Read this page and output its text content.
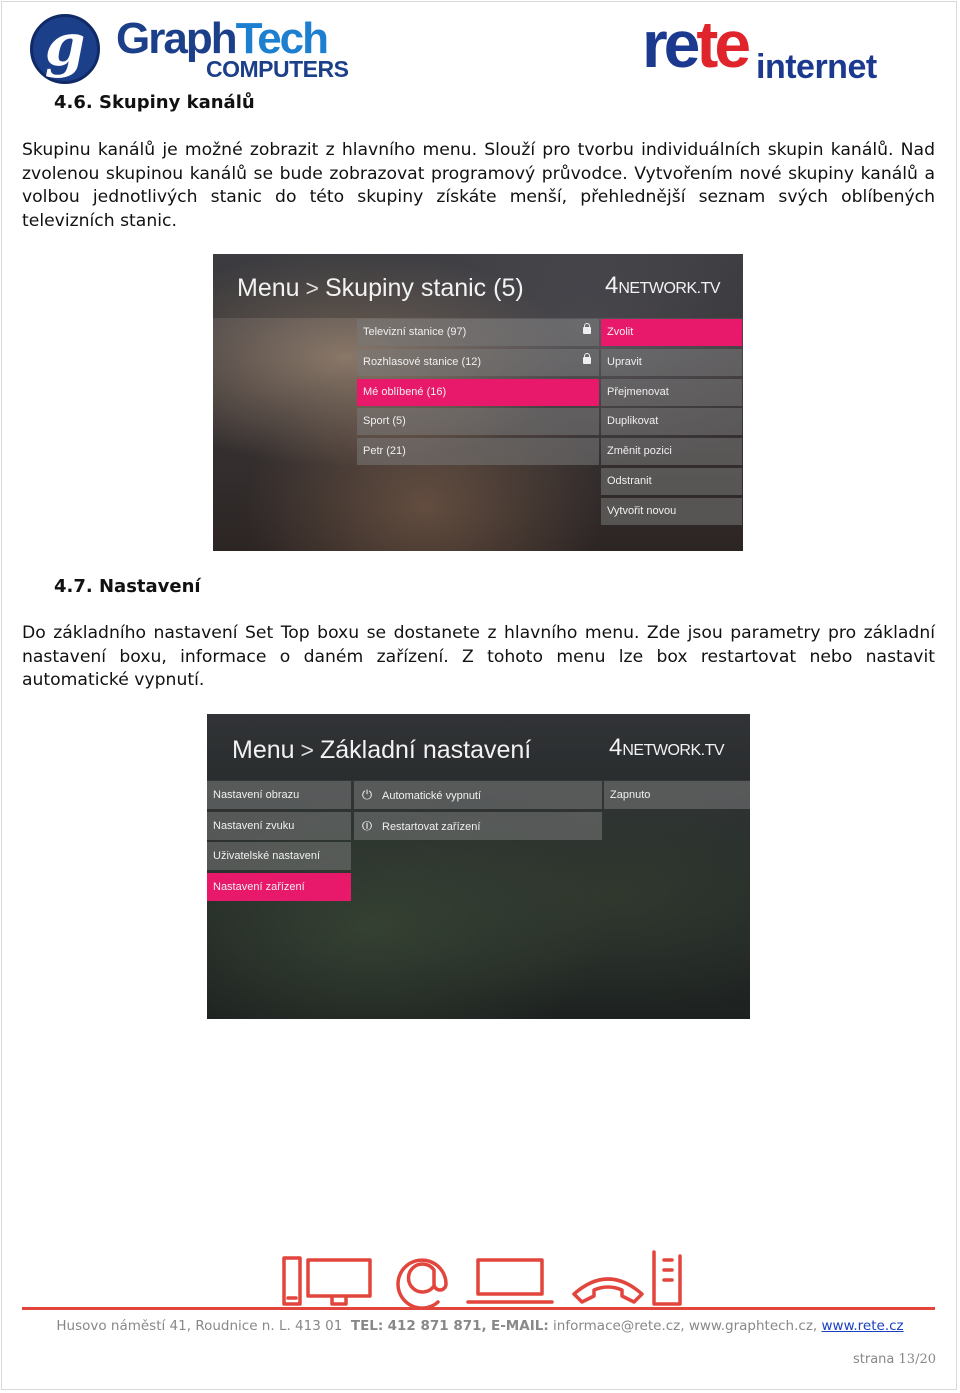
g GraphTech
COMPUTERS	rete internet
4.6. Skupiny kanálů
Skupinu kanálů je možné zobrazit z hlavního menu. Slouží pro tvorbu individuálních skupin kanálů. Nad zvolenou skupinou kanálů se bude zobrazovat programový průvodce. Vytvořením nové skupiny kanálů a volbou jednotlivých stanic do této skupiny získáte menší, přehlednější seznam svých oblíbených televizních stanic.
Menu > Skupiny stanic (5)	4NETWORK.TV
Televizní stanice (97)
Rozhlasové stanice (12)
Mé oblíbené (16)
Sport (5)
Petr (21)
Zvolit
Upravit
Přejmenovat
Duplikovat
Změnit pozici
Odstranit
Vytvořit novou
4.7. Nastavení
Do základního nastavení Set Top boxu se dostanete z hlavního menu. Zde jsou parametry pro základní nastavení boxu, informace o daném zařízení. Z tohoto menu lze box restartovat nebo nastavit automatické vypnutí.
Menu > Základní nastavení	4NETWORK.TV
Nastavení obrazu
Nastavení zvuku
Uživatelské nastavení
Nastavení zařízení
⏻ Automatické vypnutí
⏼ Restartovat zařízení
Zapnuto
Husovo náměstí 41, Roudnice n. L. 413 01 TEL: 412 871 871, E-MAIL: informace@rete.cz, www.graphtech.cz, www.rete.cz
strana 13/20
